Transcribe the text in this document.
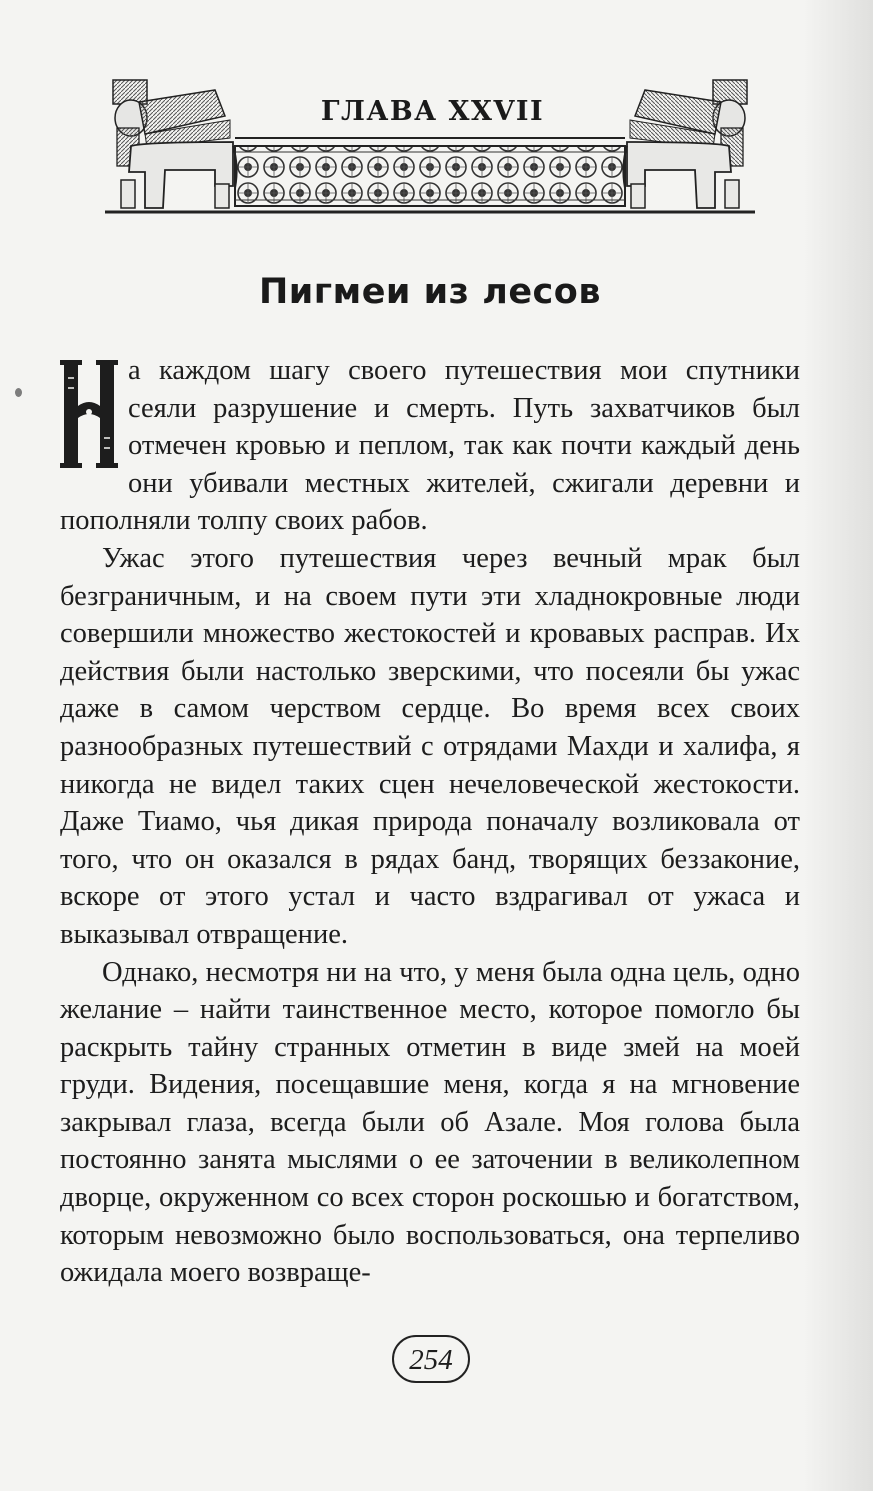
ГЛАВА XXVII
Пигмеи из лесов

а каждом шагу своего путешествия мои спутники сеяли разрушение и смерть. Путь захватчиков был отмечен кровью и пеплом, так как почти каждый день они убивали местных жителей, сжигали деревни и пополняли толпу своих рабов.

Ужас этого путешествия через вечный мрак был безграничным, и на своем пути эти хладнокровные люди совершили множество жестокостей и кровавых расправ. Их действия были настолько зверскими, что посеяли бы ужас даже в самом черством сердце. Во время всех своих разнообразных путешествий с отрядами Махди и халифа, я никогда не видел таких сцен нечеловеческой жестокости. Даже Тиамо, чья дикая природа поначалу возликовала от того, что он оказался в рядах банд, творящих беззаконие, вскоре от этого устал и часто вздрагивал от ужаса и выказывал отвращение.

Однако, несмотря ни на что, у меня была одна цель, одно желание – найти таинственное место, которое помогло бы раскрыть тайну странных отметин в виде змей на моей груди. Видения, посещавшие меня, когда я на мгновение закрывал глаза, всегда были об Азале. Моя голова была постоянно занята мыслями о ее заточении в великолепном дворце, окруженном со всех сторон роскошью и богатством, которым невозможно было воспользоваться, она терпеливо ожидала моего возвраще-

254
